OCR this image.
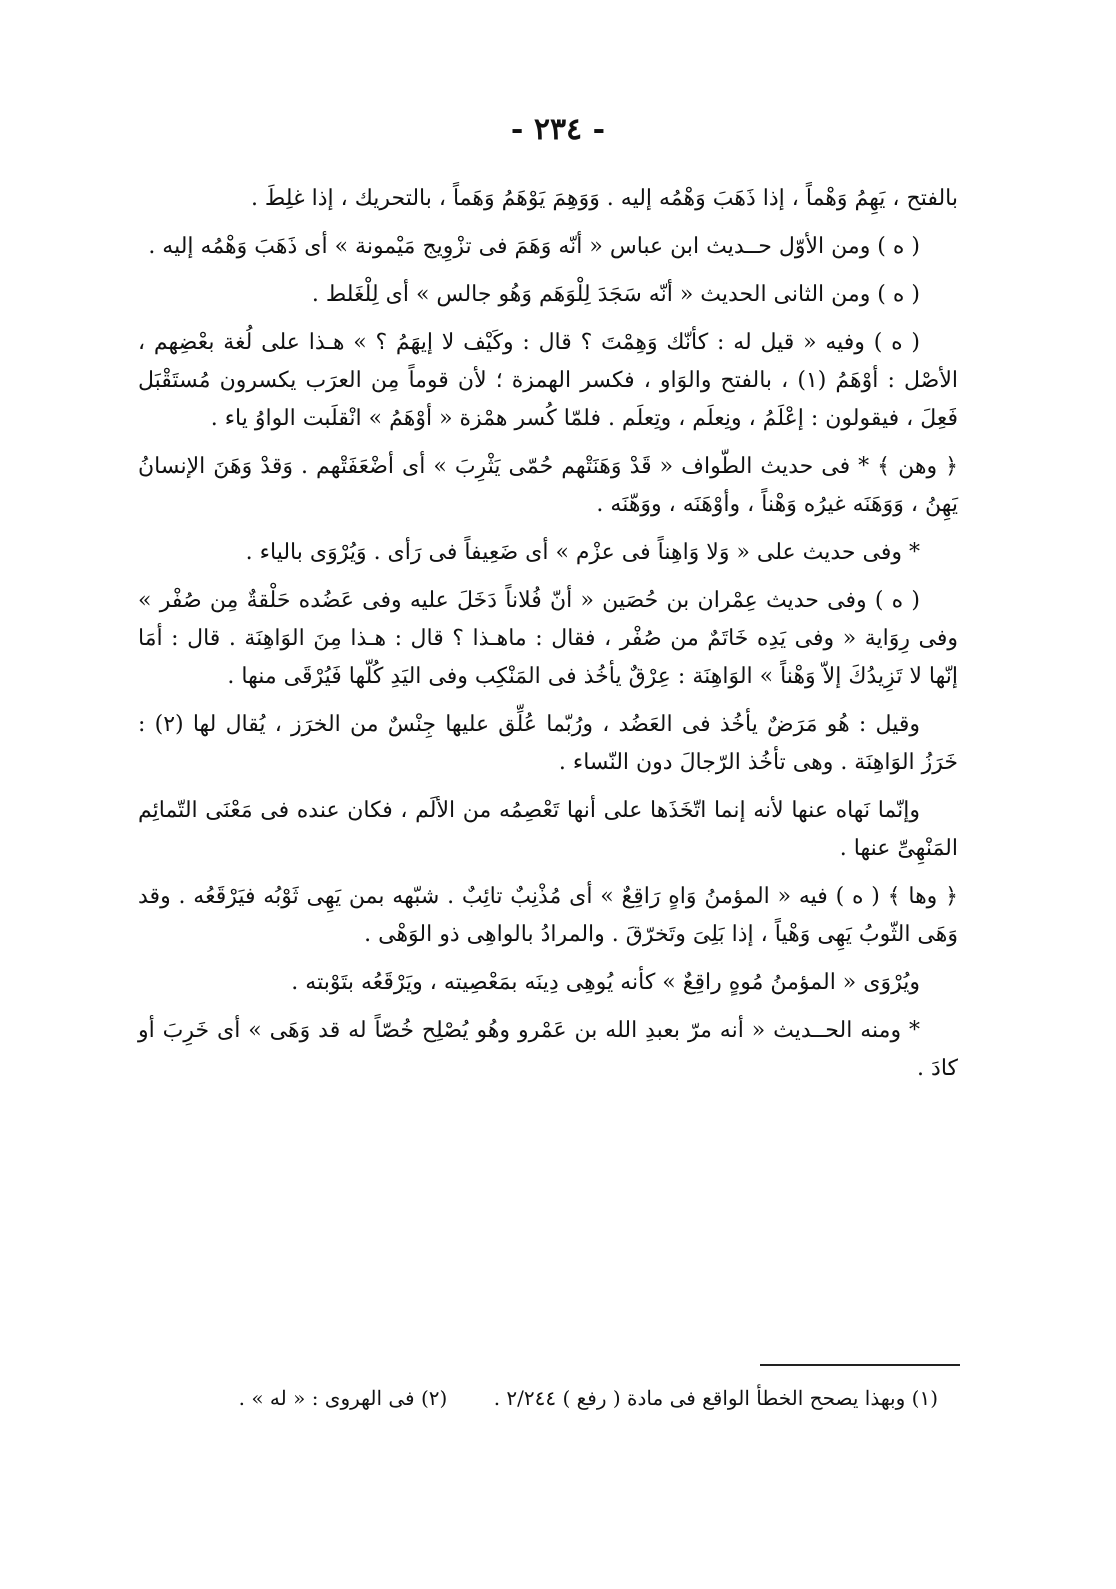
- ٢٣٤ -

بالفتح ، يَهِمُ وَهْماً ، إذا ذَهَبَ وَهْمُه إليه . وَوَهِمَ يَوْهَمُ وَهَماً ، بالتحريك ، إذا غلِطَ .

( ه ) ومن الأوّل حــديث ابن عباس « أنّه وَهَمَ فى تزْوِيج مَيْمونة » أى ذَهَبَ وَهْمُه إليه .

( ه ) ومن الثانى الحديث « أنّه سَجَدَ لِلْوَهَم وَهُو جالس » أى لِلْغَلط .

( ه ) وفيه « قيل له : كأنّك وَهِمْتَ ؟ قال : وكَيْف لا إيهَمُ ؟ » هـذا على لُغة بعْضِهم ، الأصْل : أوْهَمُ (١) ، بالفتح والوَاو ، فكسر الهمزة ؛ لأن قوماً مِن العرَب يكسرون مُستَقْبَل فَعِلَ ، فيقولون : إعْلَمُ ، ونِعلَم ، وتِعلَم . فلمّا كُسر همْزة « أوْهَمُ » انْقلَبت الواوُ ياء .

﴿ وهن ﴾ * فى حديث الطّواف « قَدْ وَهَنَتْهم حُمّى يَثْرِبَ » أى أضْعَفَتْهم . وَقدْ وَهَنَ الإنسانُ يَهِنُ ، وَوَهَنَه غيرُه وَهْناً ، وأوْهَنَه ، ووَهّنَه .

* وفى حديث على « وَلا وَاهِناً فى عزْم » أى ضَعِيفاً فى رَأى . وَيُرْوَى بالياء .

( ه ) وفى حديث عِمْران بن حُصَين « أنّ فُلاناً دَخَلَ عليه وفى عَضُده حَلْقةٌ مِن صُفْر » وفى رِوَاية « وفى يَدِه خَاتَمٌ من صُفْر ، فقال : ماهـذا ؟ قال : هـذا مِنَ الوَاهِنَة . قال : أمَا إنّها لا تَزِيدُكَ إلاّ وَهْناً » الوَاهِنَة : عِرْقٌ يأخُذ فى المَنْكِب وفى اليَدِ كُلّها فَيُرْقَى منها .

وقيل : هُو مَرَضٌ يأخُذ فى العَضُد ، ورُبّما عُلِّق عليها جِنْسٌ من الخرَز ، يُقال لها (٢) : خَرَزُ الوَاهِنَة . وهى تأخُذ الرّجالَ دون النّساء .

وإنّما نَهاه عنها لأنه إنما اتّخَذَها على أنها تَعْصِمُه من الألَم ، فكان عنده فى مَعْنَى التّمائِم المَنْهِىِّ عنها .

﴿ وها ﴾ ( ه ) فيه « المؤمنُ وَاهٍ رَاقِعٌ » أى مُذْنِبٌ تائِبٌ . شبّهه بمن يَهِى ثَوْبُه فيَرْقَعُه . وقد وَهَى الثّوبُ يَهِى وَهْياً ، إذا بَلِىَ وتَخرّقَ . والمرادُ بالواهِى ذو الوَهْى .

ويُرْوَى « المؤمنُ مُوهٍ راقِعٌ » كأنه يُوهِى دِينَه بمَعْصِيته ، ويَرْقَعُه بتَوْبته .

* ومنه الحــديث « أنه مرّ بعبدِ الله بن عَمْرو وهُو يُصْلِح خُصّاً له قد وَهَى » أى خَرِبَ أو كادَ .

(١) وبهذا يصحح الخطأ الواقع فى مادة ( رفع ) ٢/٢٤٤ . (٢) فى الهروى : « له » .
